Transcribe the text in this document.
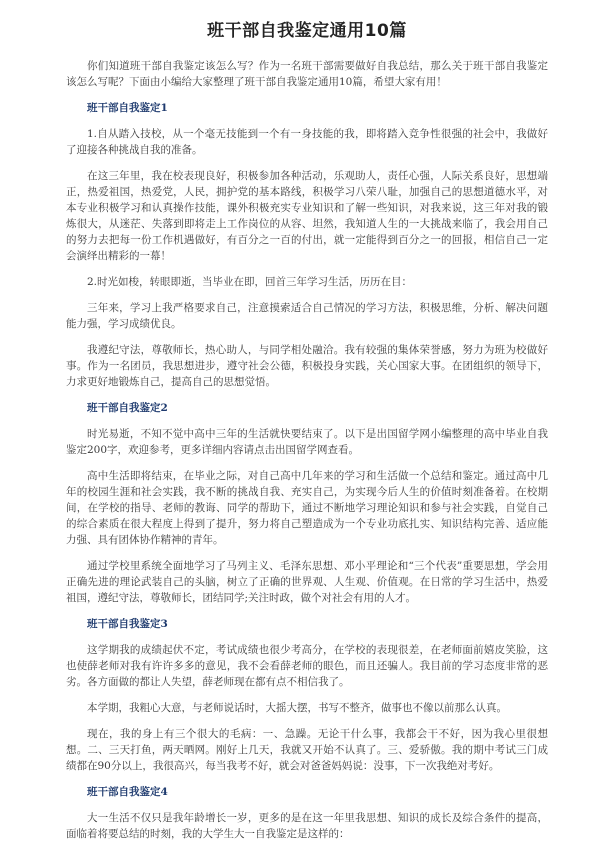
班干部自我鉴定通用10篇

你们知道班干部自我鉴定该怎么写？作为一名班干部需要做好自我总结，那么关于班干部自我鉴定该怎么写呢？下面由小编给大家整理了班干部自我鉴定通用10篇，希望大家有用！

班干部自我鉴定1

1.自从踏入技校，从一个毫无技能到一个有一身技能的我，即将踏入竞争性很强的社会中，我做好了迎接各种挑战自我的准备。

在这三年里，我在校表现良好，积极参加各种活动，乐观助人，责任心强，人际关系良好，思想端正，热爱祖国，热爱党，人民，拥护党的基本路线，积极学习八荣八耻，加强自己的思想道德水平，对本专业积极学习和认真操作技能，课外积极充实专业知识和了解一些知识，对我来说，这三年对我的锻炼很大，从迷茫、失落到即将走上工作岗位的从容、坦然，我知道人生的一大挑战来临了，我会用自己的努力去把每一份工作机遇做好，有百分之一百的付出，就一定能得到百分之一的回报，相信自己一定会演绎出精彩的一幕！

2.时光如梭，转眼即逝，当毕业在即，回首三年学习生活，历历在目：

三年来，学习上我严格要求自己，注意摸索适合自己情况的学习方法，积极思维，分析、解决问题能力强，学习成绩优良。

我遵纪守法，尊敬师长，热心助人，与同学相处融洽。我有较强的集体荣誉感，努力为班为校做好事。作为一名团员，我思想进步，遵守社会公德，积极投身实践，关心国家大事。在团组织的领导下，力求更好地锻炼自己，提高自己的思想觉悟。

班干部自我鉴定2

时光易逝，不知不觉中高中三年的生活就快要结束了。以下是出国留学网小编整理的高中毕业自我鉴定200字，欢迎参考，更多详细内容请点击出国留学网查看。

高中生活即将结束，在毕业之际，对自己高中几年来的学习和生活做一个总结和鉴定。通过高中几年的校园生涯和社会实践，我不断的挑战自我、充实自己，为实现今后人生的价值时刻准备着。在校期间，在学校的指导、老师的教诲、同学的帮助下，通过不断地学习理论知识和参与社会实践，自觉自己的综合素质在很大程度上得到了提升，努力将自己塑造成为一个专业功底扎实、知识结构完善、适应能力强、具有团体协作精神的青年。

通过学校里系统全面地学习了马列主义、毛泽东思想、邓小平理论和“三个代表”重要思想，学会用正确先进的理论武装自己的头脑，树立了正确的世界观、人生观、价值观。在日常的学习生活中，热爱祖国，遵纪守法，尊敬师长，团结同学;关注时政，做个对社会有用的人才。

班干部自我鉴定3

这学期我的成绩起伏不定，考试成绩也很少考高分，在学校的表现很差，在老师面前嬉皮笑脸，这也使薛老师对我有许许多多的意见，我不会看薛老师的眼色，而且还骗人。我目前的学习态度非常的恶劣。各方面做的都让人失望，薛老师现在都有点不相信我了。

本学期，我粗心大意，与老师说话时，大摇大摆，书写不整齐，做事也不像以前那么认真。

现在，我的身上有三个很大的毛病：一、急躁。无论干什么事，我都会干不好，因为我心里很想想。二、三天打鱼，两天晒网。刚好上几天，我就又开始不认真了。三、爱骄傲。我的期中考试三门成绩都在90分以上，我很高兴，每当我考不好，就会对爸爸妈妈说：没事，下一次我绝对考好。

班干部自我鉴定4

大一生活不仅只是我年龄增长一岁，更多的是在这一年里我思想、知识的成长及综合条件的提高，面临着将要总结的时刻，我的大学生大一自我鉴定是这样的：
